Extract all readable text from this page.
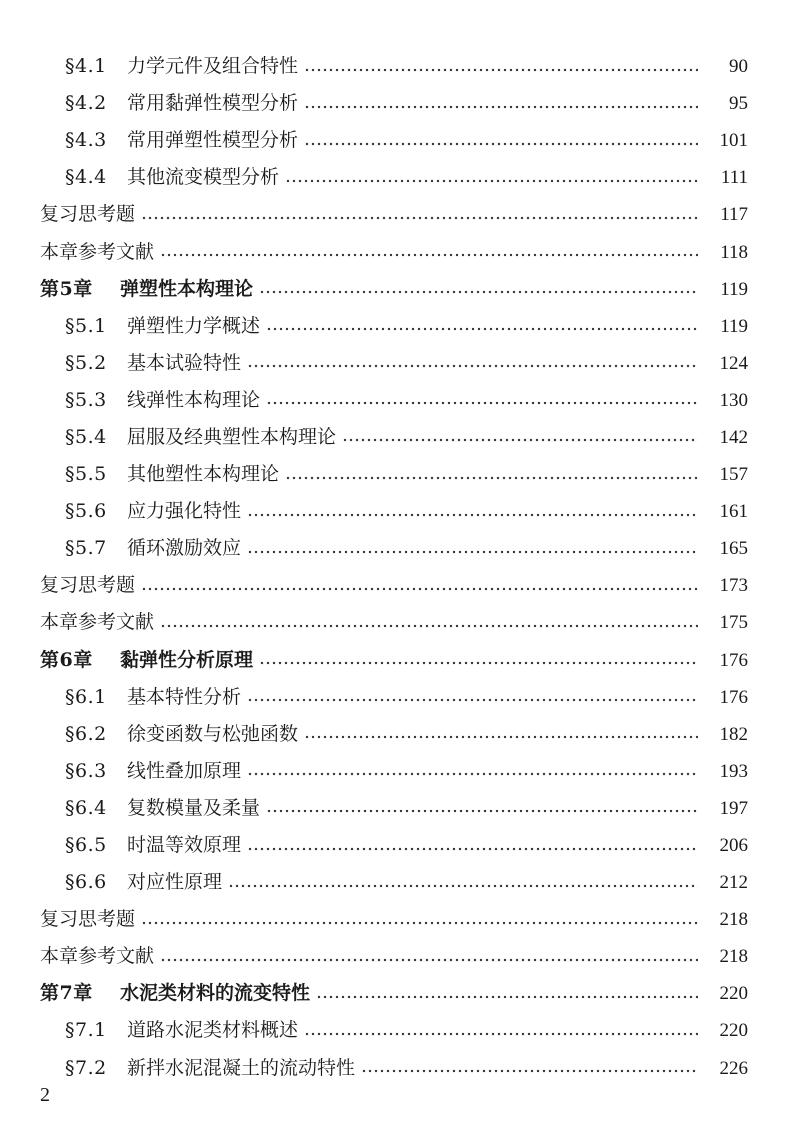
§4.1	力学元件及组合特性	90
§4.2	常用黏弹性模型分析	95
§4.3	常用弹塑性模型分析	101
§4.4	其他流变模型分析	111
复习思考题	117
本章参考文献	118
第5章	弹塑性本构理论	119
§5.1	弹塑性力学概述	119
§5.2	基本试验特性	124
§5.3	线弹性本构理论	130
§5.4	屈服及经典塑性本构理论	142
§5.5	其他塑性本构理论	157
§5.6	应力强化特性	161
§5.7	循环激励效应	165
复习思考题	173
本章参考文献	175
第6章	黏弹性分析原理	176
§6.1	基本特性分析	176
§6.2	徐变函数与松弛函数	182
§6.3	线性叠加原理	193
§6.4	复数模量及柔量	197
§6.5	时温等效原理	206
§6.6	对应性原理	212
复习思考题	218
本章参考文献	218
第7章	水泥类材料的流变特性	220
§7.1	道路水泥类材料概述	220
§7.2	新拌水泥混凝土的流动特性	226
2
